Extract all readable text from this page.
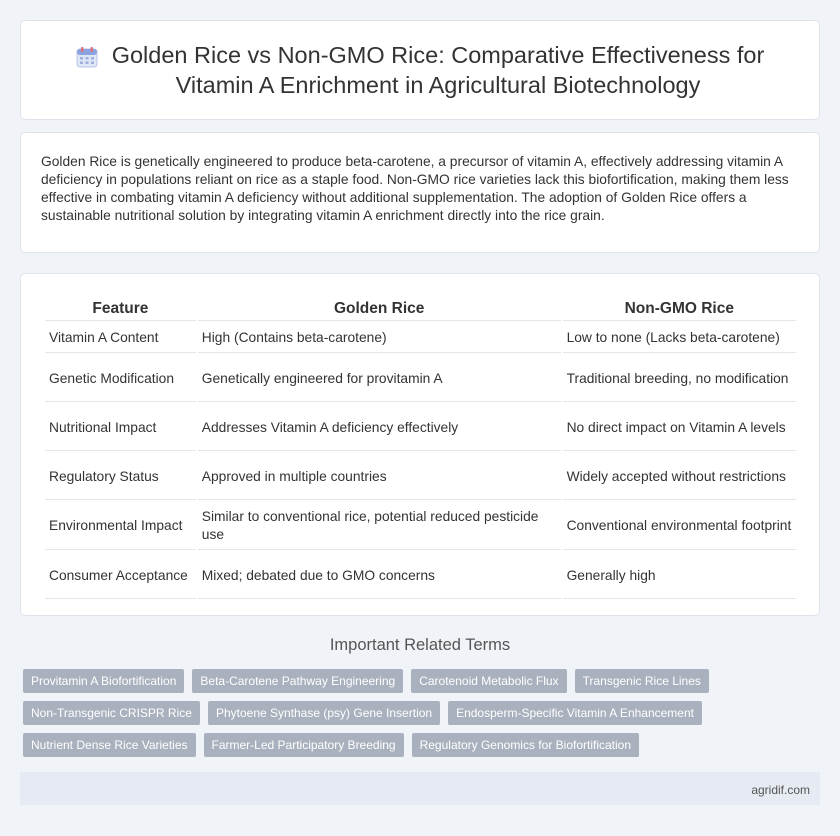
Golden Rice vs Non-GMO Rice: Comparative Effectiveness for
Vitamin A Enrichment in Agricultural Biotechnology

Golden Rice is genetically engineered to produce beta-carotene, a precursor of vitamin A, effectively addressing vitamin A deficiency in populations reliant on rice as a staple food. Non-GMO rice varieties lack this biofortification, making them less effective in combating vitamin A deficiency without additional supplementation. The adoption of Golden Rice offers a sustainable nutritional solution by integrating vitamin A enrichment directly into the rice grain.

Feature	Golden Rice	Non-GMO Rice
Vitamin A Content	High (Contains beta-carotene)	Low to none (Lacks beta-carotene)
Genetic Modification	Genetically engineered for provitamin A	Traditional breeding, no modification
Nutritional Impact	Addresses Vitamin A deficiency effectively	No direct impact on Vitamin A levels
Regulatory Status	Approved in multiple countries	Widely accepted without restrictions
Environmental Impact	Similar to conventional rice, potential reduced pesticide use	Conventional environmental footprint
Consumer Acceptance	Mixed; debated due to GMO concerns	Generally high
Important Related Terms
Provitamin A Biofortification	Beta-Carotene Pathway Engineering	Carotenoid Metabolic Flux	Transgenic Rice Lines
Non-Transgenic CRISPR Rice	Phytoene Synthase (psy) Gene Insertion	Endosperm-Specific Vitamin A Enhancement
Nutrient Dense Rice Varieties	Farmer-Led Participatory Breeding	Regulatory Genomics for Biofortification
agridif.com
